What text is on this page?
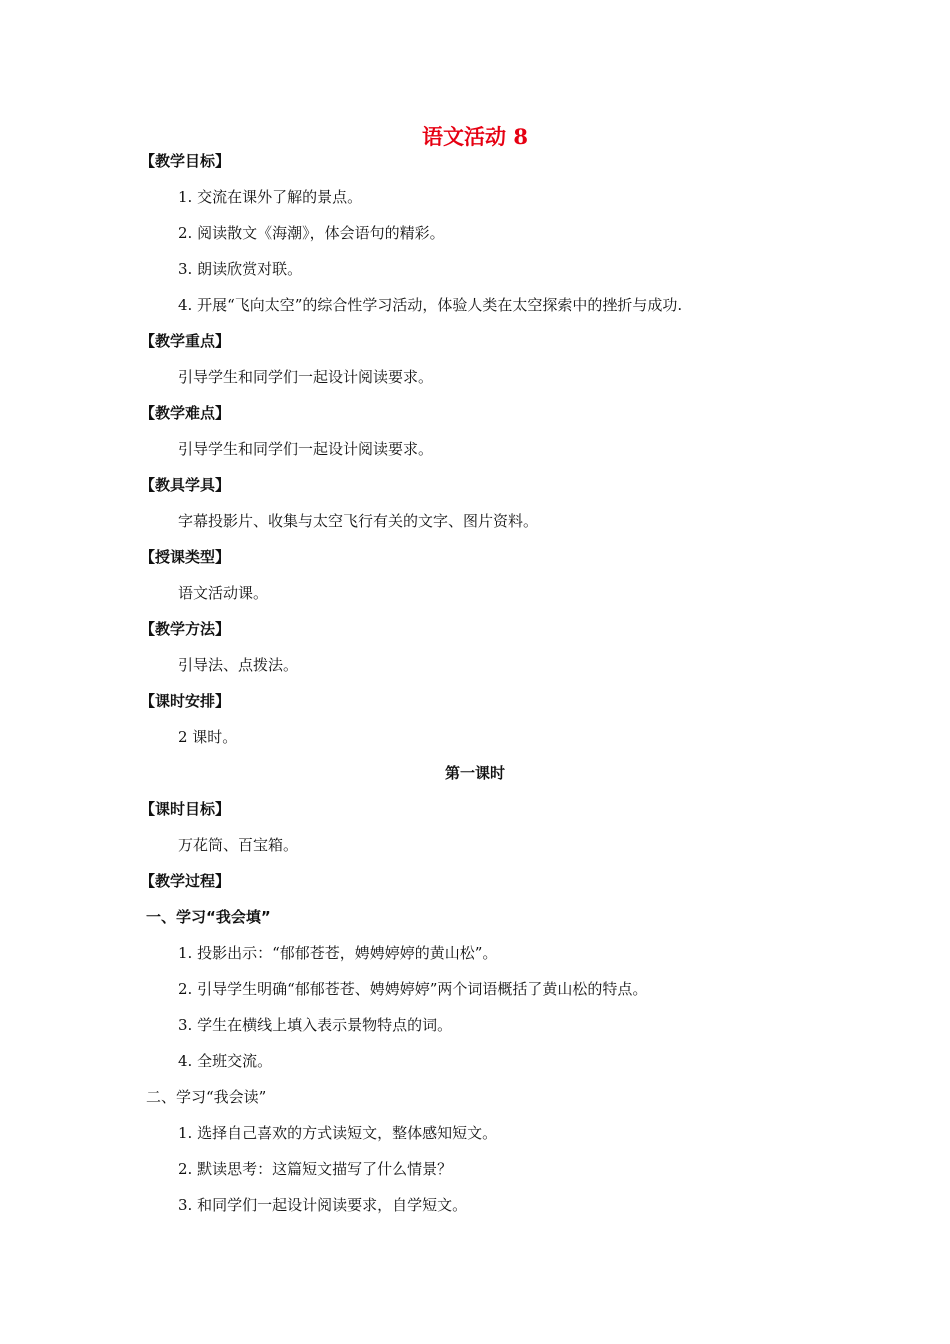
语文活动 8
【教学目标】
1. 交流在课外了解的景点。
2. 阅读散文《海潮》，体会语句的精彩。
3. 朗读欣赏对联。
4. 开展“飞向太空”的综合性学习活动，体验人类在太空探索中的挫折与成功.
【教学重点】
引导学生和同学们一起设计阅读要求。
【教学难点】
引导学生和同学们一起设计阅读要求。
【教具学具】
字幕投影片、收集与太空飞行有关的文字、图片资料。
【授课类型】
语文活动课。
【教学方法】
引导法、点拨法。
【课时安排】
2 课时。
第一课时
【课时目标】
万花筒、百宝箱。
【教学过程】
一、学习“我会填”
1. 投影出示：“郁郁苍苍，娉娉婷婷的黄山松”。
2. 引导学生明确“郁郁苍苍、娉娉婷婷”两个词语概括了黄山松的特点。
3. 学生在横线上填入表示景物特点的词。
4. 全班交流。
二、学习“我会读”
1. 选择自己喜欢的方式读短文，整体感知短文。
2. 默读思考：这篇短文描写了什么情景？
3. 和同学们一起设计阅读要求，自学短文。
